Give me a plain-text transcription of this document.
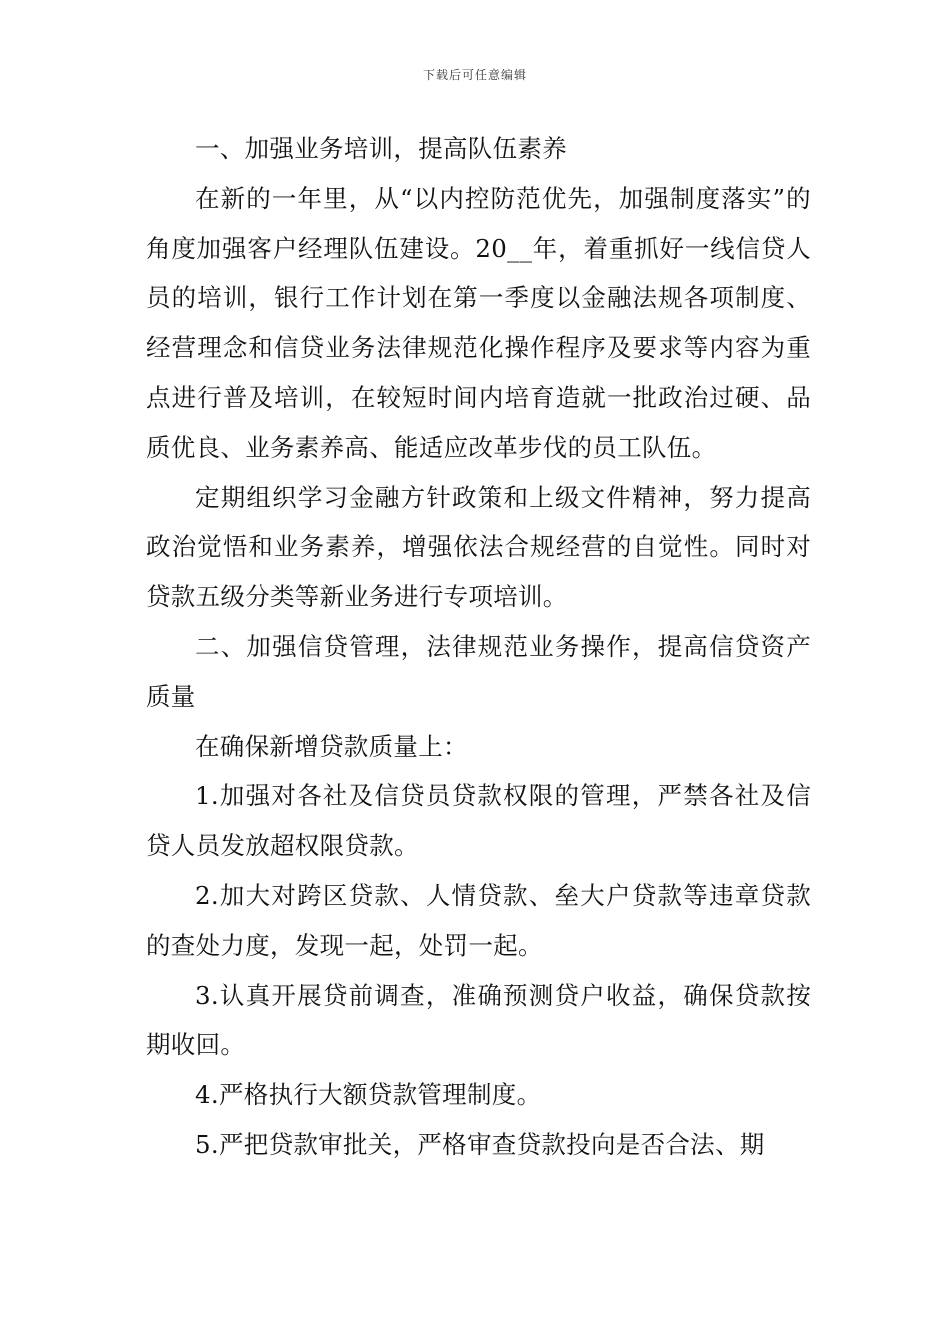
下载后可任意编辑

一、加强业务培训，提高队伍素养

在新的一年里，从“以内控防范优先，加强制度落实”的角度加强客户经理队伍建设。20__年，着重抓好一线信贷人员的培训，银行工作计划在第一季度以金融法规各项制度、经营理念和信贷业务法律规范化操作程序及要求等内容为重点进行普及培训，在较短时间内培育造就一批政治过硬、品质优良、业务素养高、能适应改革步伐的员工队伍。

定期组织学习金融方针政策和上级文件精神，努力提高政治觉悟和业务素养，增强依法合规经营的自觉性。同时对贷款五级分类等新业务进行专项培训。

二、加强信贷管理，法律规范业务操作，提高信贷资产质量

在确保新增贷款质量上：

1.加强对各社及信贷员贷款权限的管理，严禁各社及信贷人员发放超权限贷款。

2.加大对跨区贷款、人情贷款、垒大户贷款等违章贷款的查处力度，发现一起，处罚一起。

3.认真开展贷前调查，准确预测贷户收益，确保贷款按期收回。

4.严格执行大额贷款管理制度。

5.严把贷款审批关，严格审查贷款投向是否合法、期
